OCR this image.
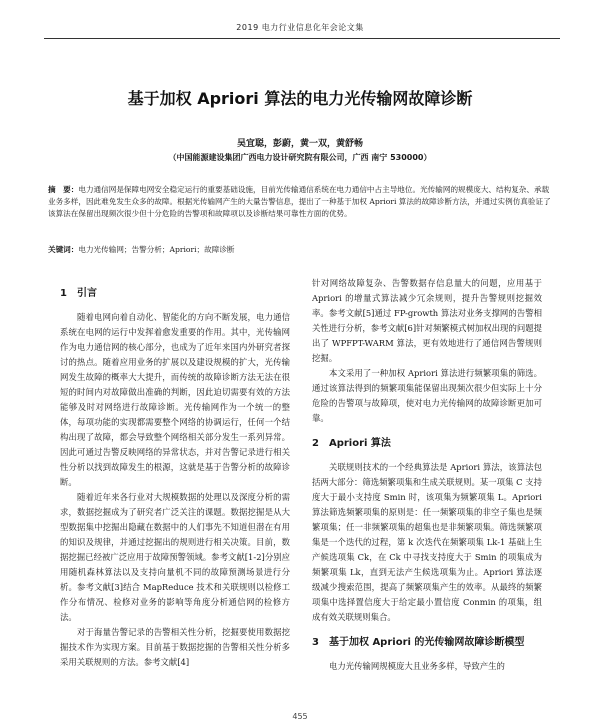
2019 电力行业信息化年会论文集
基于加权 Apriori 算法的电力光传输网故障诊断
吴宜聪，彭蔚，黄一双，黄舒畅
（中国能源建设集团广西电力设计研究院有限公司，广西 南宁 530000）
摘　要：电力通信网是保障电网安全稳定运行的重要基础设施，目前光传输通信系统在电力通信中占主导地位。光传输网的规模庞大、结构复杂、承载业务多样，因此难免发生众多的故障。根据光传输网产生的大量告警信息，提出了一种基于加权 Apriori 算法的故障诊断方法，并通过实例仿真验证了该算法在保留出现频次很少但十分危险的告警项和故障项以及诊断结果可靠性方面的优势。
关键词：电力光传输网；告警分析；Apriori；故障诊断
1　引言

随着电网向着自动化、智能化的方向不断发展，电力通信系统在电网的运行中发挥着愈发重要的作用。其中，光传输网作为电力通信网的核心部分，也成为了近年来国内外研究者探讨的热点。随着应用业务的扩展以及建设规模的扩大，光传输网发生故障的概率大大提升，而传统的故障诊断方法无法在很短的时间内对故障做出准确的判断，因此迫切需要有效的方法能够及时对网络进行故障诊断。光传输网作为一个统一的整体，每项功能的实现都需要整个网络的协调运行，任何一个结构出现了故障，都会导致整个网络相关部分发生一系列异常。因此可通过告警反映网络的异常状态，并对告警记录进行相关性分析以找到故障发生的根源，这就是基于告警分析的故障诊断。

随着近年来各行业对大规模数据的处理以及深度分析的需求，数据挖掘成为了研究者广泛关注的课题。数据挖掘是从大型数据集中挖掘出隐藏在数据中的人们事先不知道但潜在有用的知识及规律，并通过挖掘出的规则进行相关决策。目前，数据挖掘已经被广泛应用于故障预警领域。参考文献[1-2]分别应用随机森林算法以及支持向量机不同的故障预测场景进行分析。参考文献[3]结合 MapReduce 技术和关联规则以检修工作分布情况、检修对业务的影响等角度分析通信网的检修方法。

对于海量告警记录的告警相关性分析，挖掘要使用数据挖掘技术作为实现方案。目前基于数据挖掘的告警相关性分析多采用关联规则的方法。参考文献[4]

针对网络故障复杂、告警数据存信息量大的问题，应用基于 Apriori 的增量式算法减少冗余规则，提升告警规则挖掘效率。参考文献[5]通过 FP-growth 算法对业务支撑网的告警相关性进行分析，参考文献[6]针对频繁模式树加权出现的问题提出了 WPFPT-WARM 算法，更有效地进行了通信网告警规则挖掘。

本文采用了一种加权 Apriori 算法进行频繁项集的筛选。通过该算法得到的频繁项集能保留出现频次很少但实际上十分危险的告警项与故障项，使对电力光传输网的故障诊断更加可靠。

2　Apriori 算法

关联规则技术的一个经典算法是 Apriori 算法，该算法包括两大部分：筛选频繁项集和生成关联规则。某一项集 C 支持度大于最小支持度 Smin 时，该项集为频繁项集 L。Apriori 算法筛选频繁项集的原则是：任一频繁项集的非空子集也是频繁项集；任一非频繁项集的超集也是非频繁项集。筛选频繁项集是一个迭代的过程，第 k 次迭代在频繁项集 Lk-1 基础上生产候选项集 Ck，在 Ck 中寻找支持度大于 Smin 的项集成为频繁项集 Lk，直到无法产生候选项集为止。Apriori 算法逐级减少搜索范围，提高了频繁项集产生的效率。从最终的频繁项集中选择置信度大于给定最小置信度 Conmin 的项集，组成有效关联规则集合。

3　基于加权 Apriori 的光传输网故障诊断模型

电力光传输网规模庞大且业务多样，导致产生的

455
